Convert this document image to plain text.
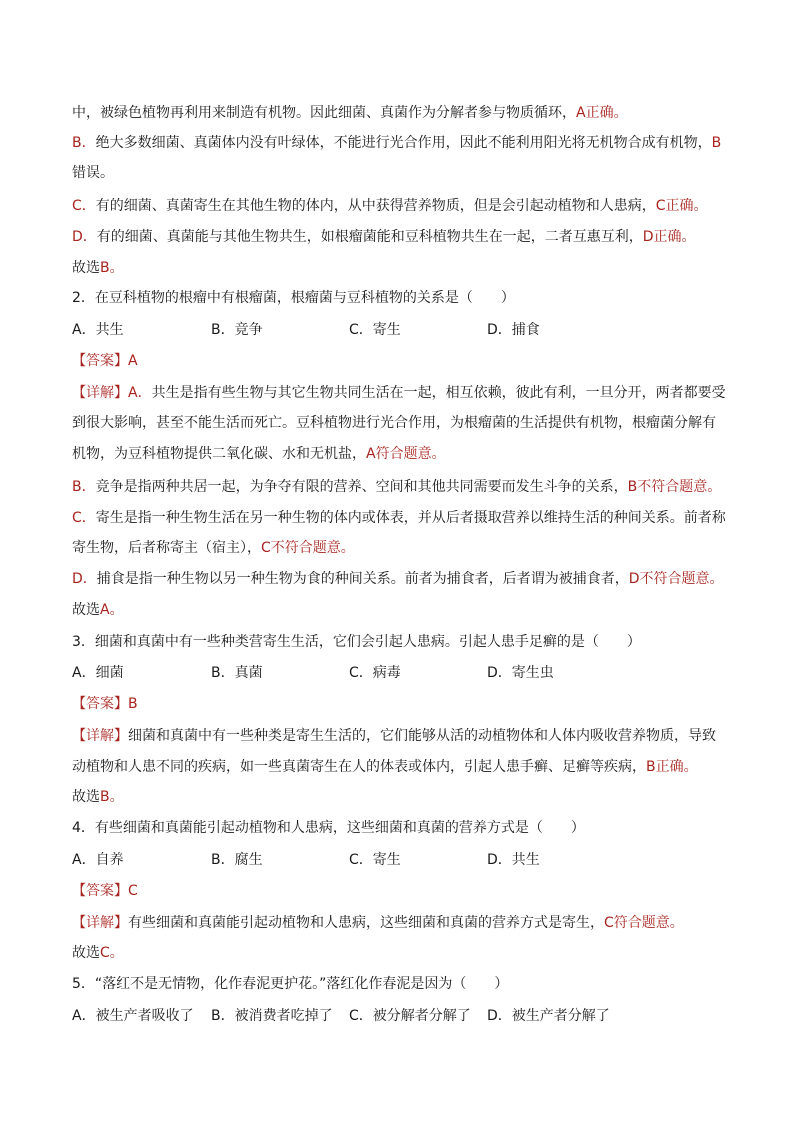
中，被绿色植物再利用来制造有机物。因此细菌、真菌作为分解者参与物质循环，A正确。
B．绝大多数细菌、真菌体内没有叶绿体，不能进行光合作用，因此不能利用阳光将无机物合成有机物，B
错误。
C．有的细菌、真菌寄生在其他生物的体内，从中获得营养物质，但是会引起动植物和人患病，C正确。
D．有的细菌、真菌能与其他生物共生，如根瘤菌能和豆科植物共生在一起，二者互惠互利，D正确。
故选B。
2．在豆科植物的根瘤中有根瘤菌，根瘤菌与豆科植物的关系是（　　）
A．共生	B．竞争	C．寄生	D．捕食
【答案】A
【详解】A．共生是指有些生物与其它生物共同生活在一起，相互依赖，彼此有利，一旦分开，两者都要受
到很大影响，甚至不能生活而死亡。豆科植物进行光合作用，为根瘤菌的生活提供有机物，根瘤菌分解有
机物，为豆科植物提供二氧化碳、水和无机盐，A符合题意。
B．竞争是指两种共居一起，为争夺有限的营养、空间和其他共同需要而发生斗争的关系，B不符合题意。
C．寄生是指一种生物生活在另一种生物的体内或体表，并从后者摄取营养以维持生活的种间关系。前者称
寄生物，后者称寄主（宿主），C不符合题意。
D．捕食是指一种生物以另一种生物为食的种间关系。前者为捕食者，后者谓为被捕食者，D不符合题意。
故选A。
3．细菌和真菌中有一些种类营寄生生活，它们会引起人患病。引起人患手足癣的是（　　）
A．细菌	B．真菌	C．病毒	D．寄生虫
【答案】B
【详解】细菌和真菌中有一些种类是寄生生活的，它们能够从活的动植物体和人体内吸收营养物质，导致
动植物和人患不同的疾病，如一些真菌寄生在人的体表或体内，引起人患手癣、足癣等疾病，B正确。
故选B。
4．有些细菌和真菌能引起动植物和人患病，这些细菌和真菌的营养方式是（　　）
A．自养	B．腐生	C．寄生	D．共生
【答案】C
【详解】有些细菌和真菌能引起动植物和人患病，这些细菌和真菌的营养方式是寄生，C符合题意。
故选C。
5．“落红不是无情物，化作春泥更护花。”落红化作春泥是因为（　　）
A．被生产者吸收了 B．被消费者吃掉了 C．被分解者分解了 D．被生产者分解了
